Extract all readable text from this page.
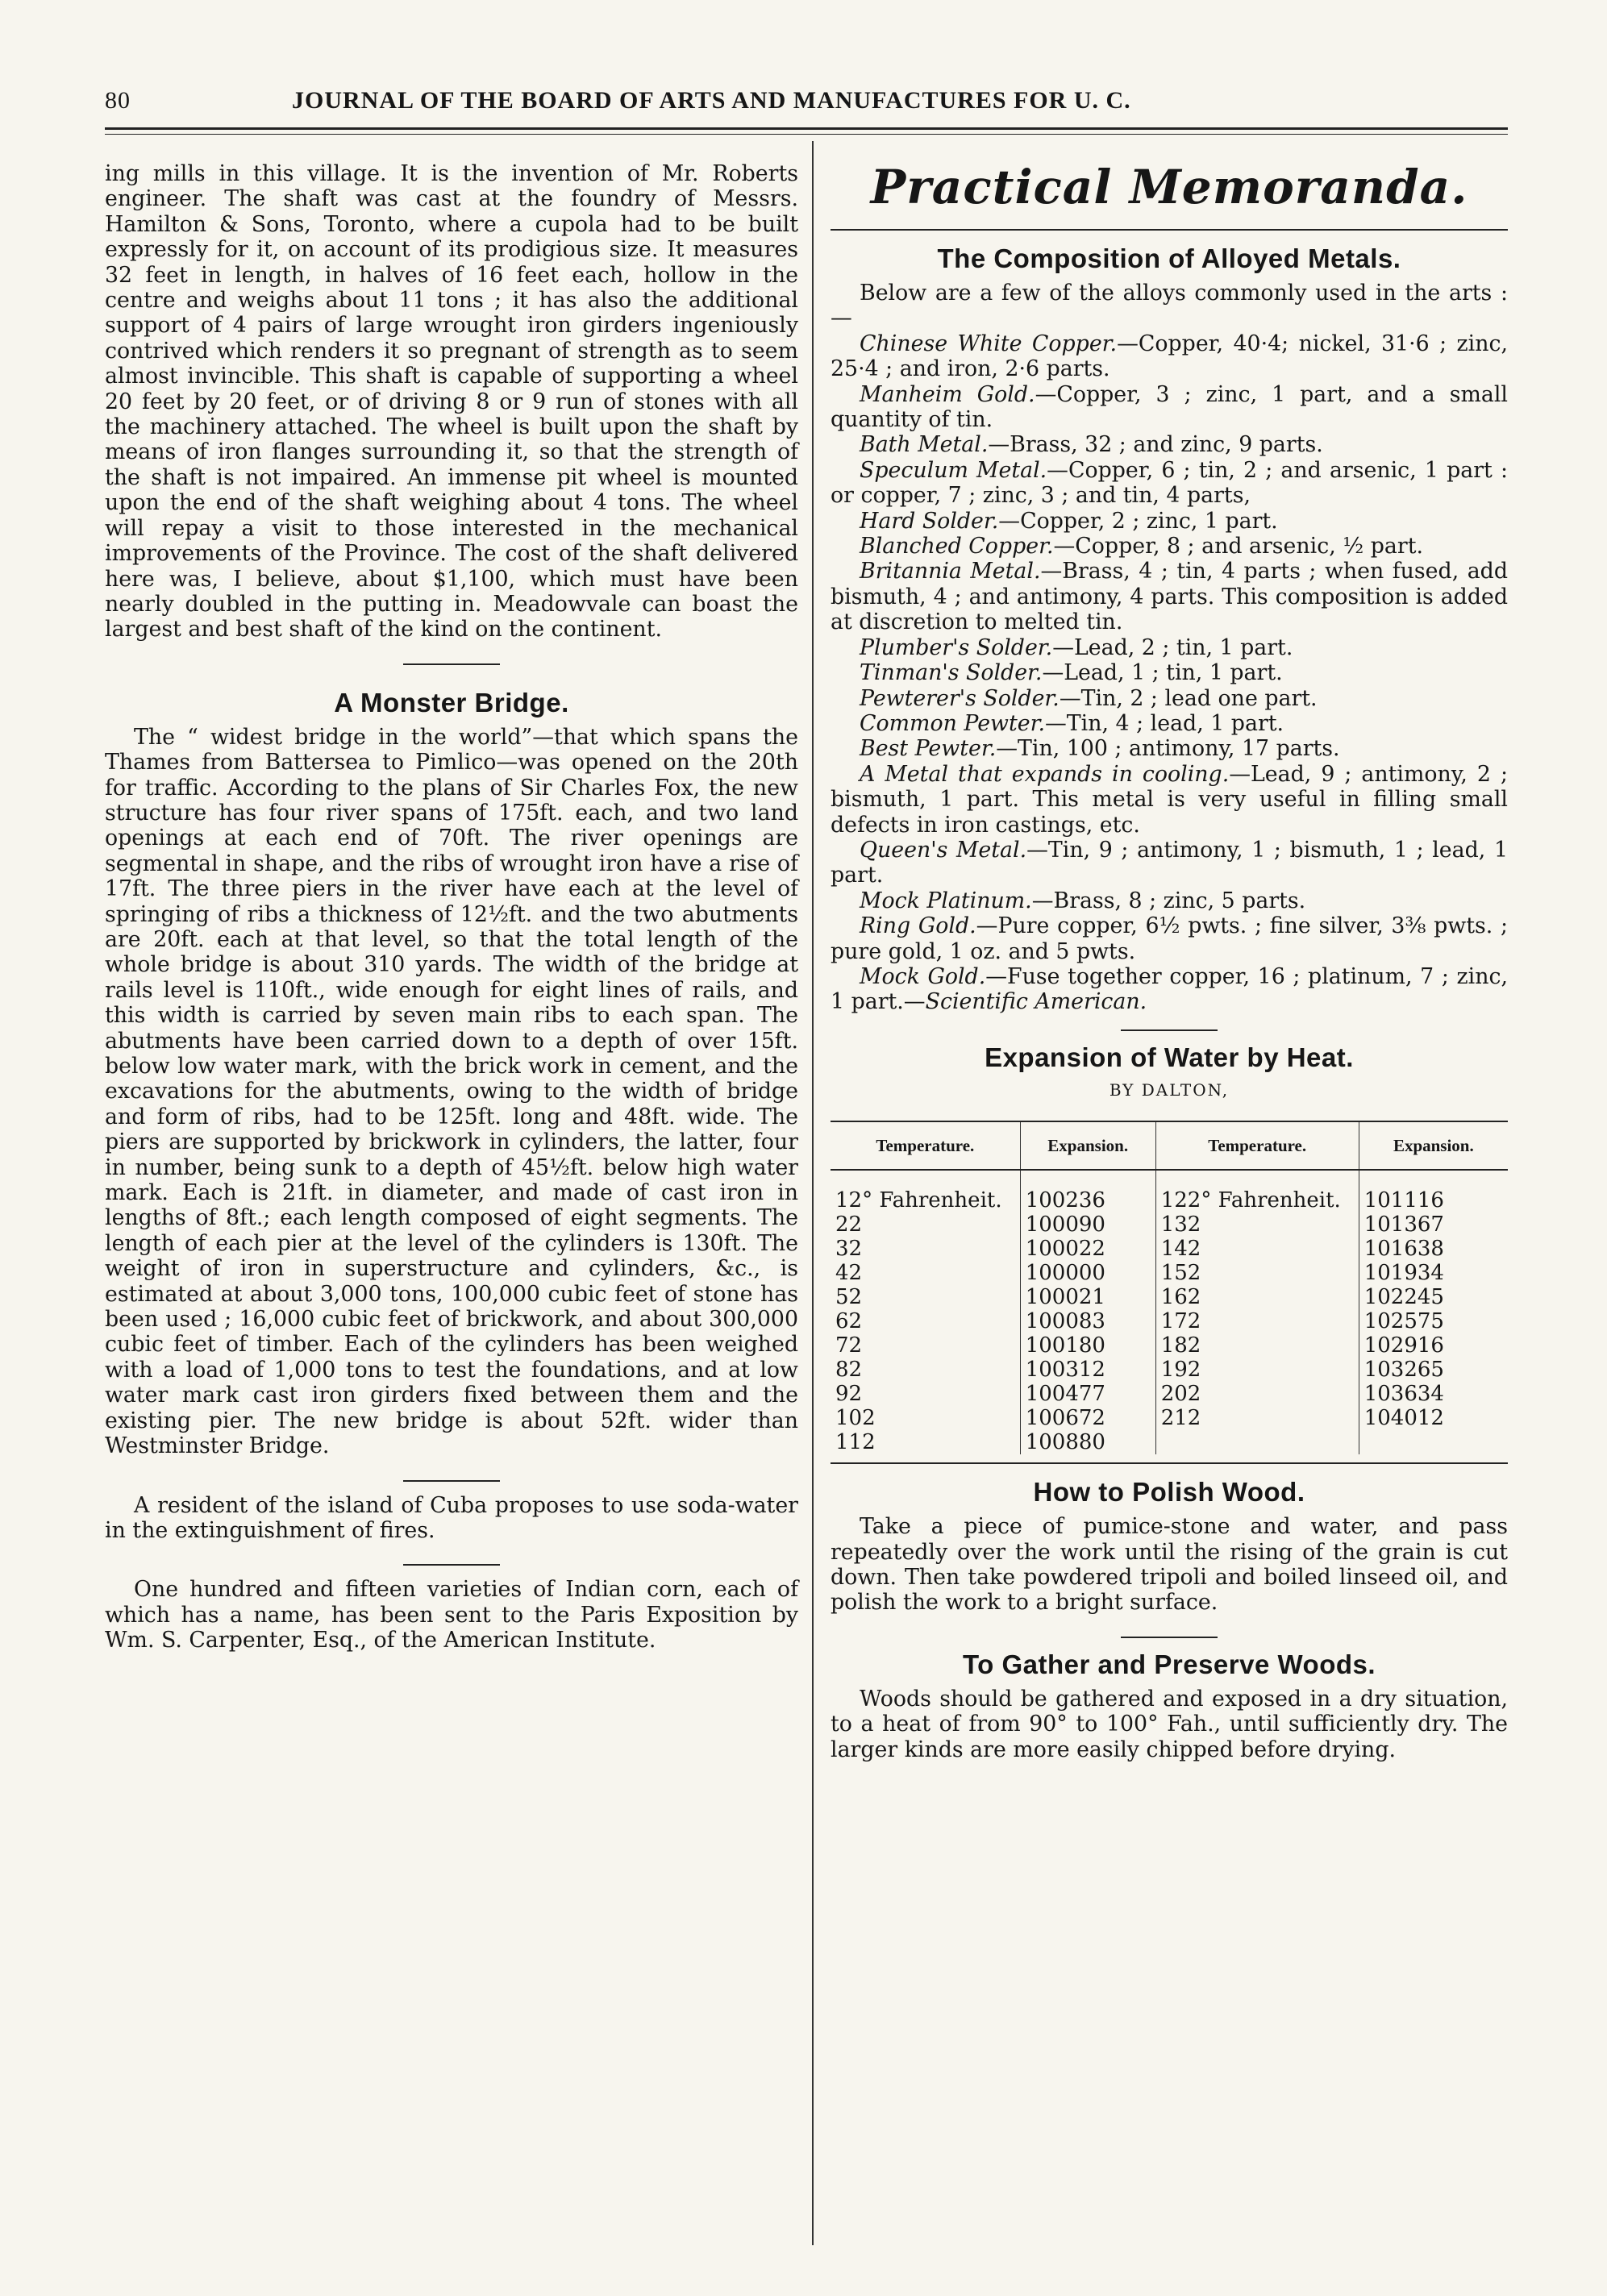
80	JOURNAL OF THE BOARD OF ARTS AND MANUFACTURES FOR U. C.

ing mills in this village. It is the invention of Mr. Roberts engineer. The shaft was cast at the foundry of Messrs. Hamilton & Sons, Toronto, where a cupola had to be built expressly for it, on account of its prodigious size. It measures 32 feet in length, in halves of 16 feet each, hollow in the centre and weighs about 11 tons ; it has also the additional support of 4 pairs of large wrought iron girders ingeniously contrived which renders it so pregnant of strength as to seem almost invincible. This shaft is capable of supporting a wheel 20 feet by 20 feet, or of driving 8 or 9 run of stones with all the machinery attached. The wheel is built upon the shaft by means of iron flanges surrounding it, so that the strength of the shaft is not impaired. An immense pit wheel is mounted upon the end of the shaft weighing about 4 tons. The wheel will repay a visit to those interested in the mechanical improvements of the Province. The cost of the shaft delivered here was, I believe, about $1,100, which must have been nearly doubled in the putting in. Meadowvale can boast the largest and best shaft of the kind on the continent.

A Monster Bridge.

The “ widest bridge in the world”—that which spans the Thames from Battersea to Pimlico—was opened on the 20th for traffic. According to the plans of Sir Charles Fox, the new structure has four river spans of 175ft. each, and two land openings at each end of 70ft. The river openings are segmental in shape, and the ribs of wrought iron have a rise of 17ft. The three piers in the river have each at the level of springing of ribs a thickness of 12½ft. and the two abutments are 20ft. each at that level, so that the total length of the whole bridge is about 310 yards. The width of the bridge at rails level is 110ft., wide enough for eight lines of rails, and this width is carried by seven main ribs to each span. The abutments have been carried down to a depth of over 15ft. below low water mark, with the brick work in cement, and the excavations for the abutments, owing to the width of bridge and form of ribs, had to be 125ft. long and 48ft. wide. The piers are supported by brickwork in cylinders, the latter, four in number, being sunk to a depth of 45½ft. below high water mark. Each is 21ft. in diameter, and made of cast iron in lengths of 8ft.; each length composed of eight segments. The length of each pier at the level of the cylinders is 130ft. The weight of iron in superstructure and cylinders, &c., is estimated at about 3,000 tons, 100,000 cubic feet of stone has been used ; 16,000 cubic feet of brickwork, and about 300,000 cubic feet of timber. Each of the cylinders has been weighed with a load of 1,000 tons to test the foundations, and at low water mark cast iron girders fixed between them and the existing pier. The new bridge is about 52ft. wider than Westminster Bridge.

A resident of the island of Cuba proposes to use soda-water in the extinguishment of fires.

One hundred and fifteen varieties of Indian corn, each of which has a name, has been sent to the Paris Exposition by Wm. S. Carpenter, Esq., of the American Institute.

Practical Memoranda.
The Composition of Alloyed Metals.

Below are a few of the alloys commonly used in the arts :—

Chinese White Copper.—Copper, 40·4; nickel, 31·6 ; zinc, 25·4 ; and iron, 2·6 parts.

Manheim Gold.—Copper, 3 ; zinc, 1 part, and a small quantity of tin.

Bath Metal.—Brass, 32 ; and zinc, 9 parts.

Speculum Metal.—Copper, 6 ; tin, 2 ; and arsenic, 1 part : or copper, 7 ; zinc, 3 ; and tin, 4 parts,

Hard Solder.—Copper, 2 ; zinc, 1 part.

Blanched Copper.—Copper, 8 ; and arsenic, ½ part.

Britannia Metal.—Brass, 4 ; tin, 4 parts ; when fused, add bismuth, 4 ; and antimony, 4 parts. This composition is added at discretion to melted tin.

Plumber's Solder.—Lead, 2 ; tin, 1 part.

Tinman's Solder.—Lead, 1 ; tin, 1 part.

Pewterer's Solder.—Tin, 2 ; lead one part.

Common Pewter.—Tin, 4 ; lead, 1 part.

Best Pewter.—Tin, 100 ; antimony, 17 parts.

A Metal that expands in cooling.—Lead, 9 ; antimony, 2 ; bismuth, 1 part. This metal is very useful in filling small defects in iron castings, etc.

Queen's Metal.—Tin, 9 ; antimony, 1 ; bismuth, 1 ; lead, 1 part.

Mock Platinum.—Brass, 8 ; zinc, 5 parts.

Ring Gold.—Pure copper, 6½ pwts. ; fine silver, 3⅜ pwts. ; pure gold, 1 oz. and 5 pwts.

Mock Gold.—Fuse together copper, 16 ; platinum, 7 ; zinc, 1 part.—Scientific American.

Expansion of Water by Heat.
BY DALTON,
Temperature.	Expansion.	Temperature.	Expansion.
12° Fahrenheit.	100236	122° Fahrenheit.	101116
22	100090	132	101367
32	100022	142	101638
42	100000	152	101934
52	100021	162	102245
62	100083	172	102575
72	100180	182	102916
82	100312	192	103265
92	100477	202	103634
102	100672	212	104012
112	100880		
How to Polish Wood.

Take a piece of pumice-stone and water, and pass repeatedly over the work until the rising of the grain is cut down. Then take powdered tripoli and boiled linseed oil, and polish the work to a bright surface.

To Gather and Preserve Woods.

Woods should be gathered and exposed in a dry situation, to a heat of from 90° to 100° Fah., until sufficiently dry. The larger kinds are more easily chipped before drying.
